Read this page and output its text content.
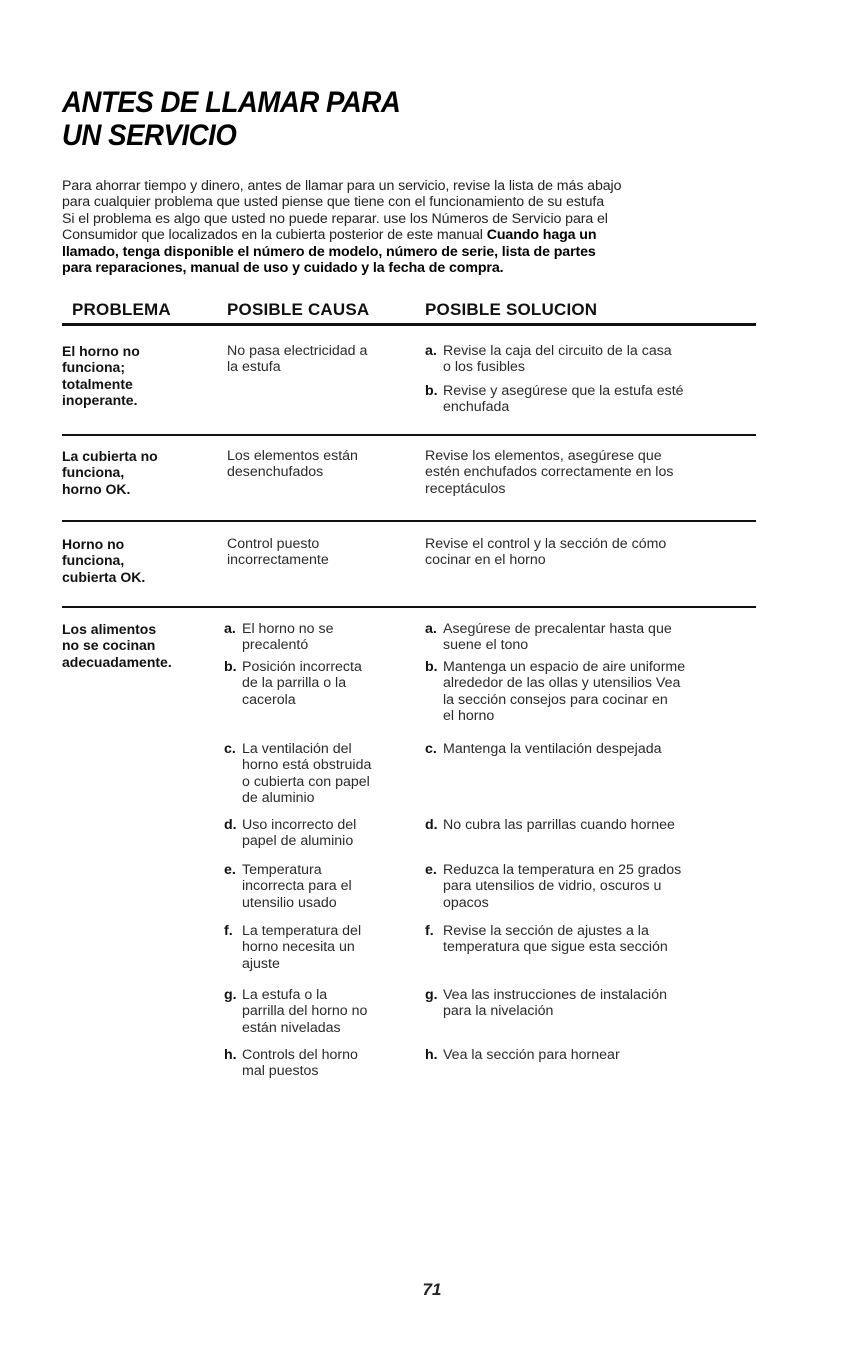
ANTES DE LLAMAR PARA
UN SERVICIO
Para ahorrar tiempo y dinero, antes de llamar para un servicio, revise la lista de más abajo
para cualquier problema que usted piense que tiene con el funcionamiento de su estufa
Si el problema es algo que usted no puede reparar. use los Números de Servicio para el
Consumidor que localizados en la cubierta posterior de este manual Cuando haga un
llamado, tenga disponible el número de modelo, número de serie, lista de partes
para reparaciones, manual de uso y cuidado y la fecha de compra.
PROBLEMA	POSIBLE CAUSA	POSIBLE SOLUCION
El horno no
funciona;
totalmente
inoperante.
No pasa electricidad a
la estufa
a. Revise la caja del circuito de la casa
o los fusibles
b. Revise y asegúrese que la estufa esté
enchufada
La cubierta no
funciona,
horno OK.
Los elementos están
desenchufados
Revise los elementos, asegúrese que
estén enchufados correctamente en los
receptáculos
Horno no
funciona,
cubierta OK.
Control puesto
incorrectamente
Revise el control y la sección de cómo
cocinar en el horno
Los alimentos
no se cocinan
adecuadamente.
a. El horno no se
precalentó
b. Posición incorrecta
de la parrilla o la
cacerola
c. La ventilación del
horno está obstruida
o cubierta con papel
de aluminio
d. Uso incorrecto del
papel de aluminio
e. Temperatura
incorrecta para el
utensilio usado
f. La temperatura del
horno necesita un
ajuste
g. La estufa o la
parrilla del horno no
están niveladas
h. Controls del horno
mal puestos
a. Asegúrese de precalentar hasta que
suene el tono
b. Mantenga un espacio de aire uniforme
alrededor de las ollas y utensilios Vea
la sección consejos para cocinar en
el horno
c. Mantenga la ventilación despejada
d. No cubra las parrillas cuando hornee
e. Reduzca la temperatura en 25 grados
para utensilios de vidrio, oscuros u
opacos
f. Revise la sección de ajustes a la
temperatura que sigue esta sección
g. Vea las instrucciones de instalación
para la nivelación
h. Vea la sección para hornear
71
